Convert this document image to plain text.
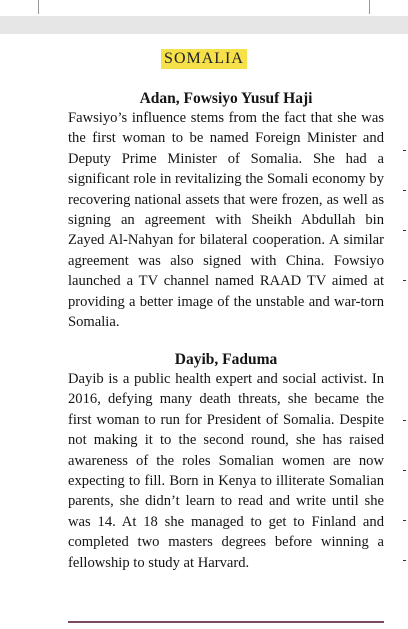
SOMALIA
Adan, Fowsiyo Yusuf Haji

Fawsiyo’s influence stems from the fact that she was the first woman to be named Foreign Minister and Deputy Prime Minister of Somalia. She had a significant role in revitalizing the Somali economy by recovering national assets that were frozen, as well as signing an agreement with Sheikh Abdullah bin Zayed Al-Nahyan for bilateral cooperation. A similar agreement was also signed with China. Fowsiyo launched a TV channel named RAAD TV aimed at providing a better image of the unstable and war-torn Somalia.

Dayib, Faduma

Dayib is a public health expert and social activist. In 2016, defying many death threats, she became the first woman to run for President of Somalia. Despite not making it to the second round, she has raised awareness of the roles Somalian women are now expecting to fill. Born in Kenya to illiterate Somalian parents, she didn’t learn to read and write until she was 14. At 18 she managed to get to Finland and completed two masters degrees before winning a fellowship to study at Harvard.
